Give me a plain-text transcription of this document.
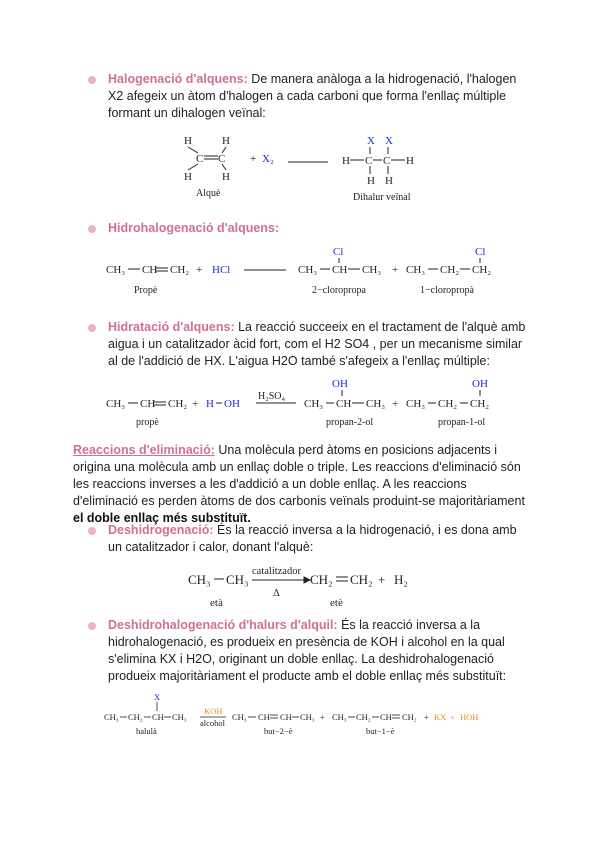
Halogenació d'alquens: De manera anàloga a la hidrogenació, l'halogen X2 afegeix un àtom d'halogen a cada carboni que forma l'enllaç múltiple formant un dihalogen veïnal:
H	H
C C
H	H
Alquè
+ X₂
X X
H C C H
H H
Dihalur veïnal
Hidrohalogenació d'alquens:
CH₃ CH CH₂ + HCl
Propè
Cl
CH₃ CH CH₃ +
2−cloropropa
Cl
CH₃ CH₂ CH₂
1−cloropropà
Hidratació d'alquens: La reacció succeeix en el tractament de l'alquè amb aigua i un catalitzador àcid fort, com el H2 SO4 , per un mecanisme similar al de l'addició de HX. L'aigua H2O també s'afegeix a l'enllaç múltiple:
CH₃ CH CH₂ + H OH
propè
H₂SO₄
OH
CH₃ CH CH₃ +
propan-2-ol
OH
CH₃ CH₂ CH₂
propan-1-ol
Reaccions d'eliminació: Una molècula perd àtoms en posicions adjacents i origina una molècula amb un enllaç doble o triple. Les reaccions d'eliminació són les reaccions inverses a les d'addició a un doble enllaç. A les reaccions d'eliminació es perden àtoms de dos carbonis veïnals produint-se majoritàriament el doble enllaç més substituït.
Deshidrogenació: És la reacció inversa a la hidrogenació, i es dona amb un catalitzador i calor, donant l'alquè:
CH₃ CH₃
catalitzador
Δ
CH₂ CH₂ + H₂
età	etè
Deshidrohalogenació d'halurs d'alquil: És la reacció inversa a la hidrohalogenació, es produeix en presència de KOH i alcohol en la qual s'elimina KX i H2O, originant un doble enllaç. La deshidrohalogenació produeix majoritàriament el producte amb el doble enllaç més substituït:
X
CH₃ CH₂ CH CH₃
halulà
KOH
alcohol
CH₃ CH CH CH₃ +
but−2−è
CH₃ CH₂ CH CH₂ + KX + HOH
but−1−è
